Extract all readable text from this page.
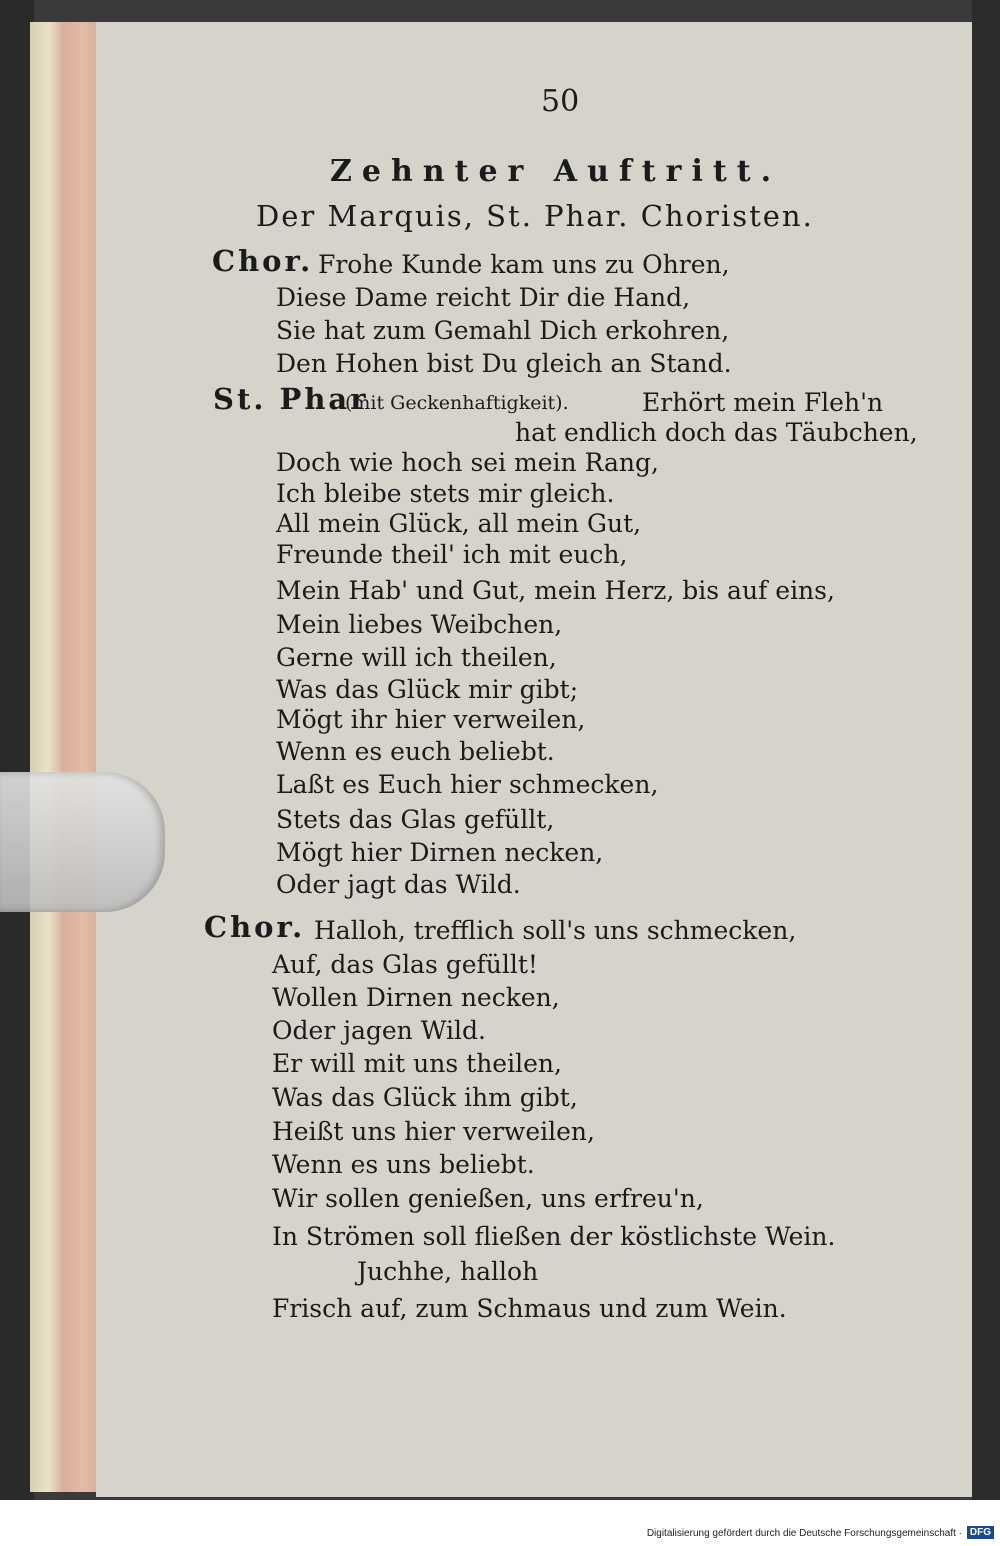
50
Zehnter Auftritt.
Der Marquis, St. Phar. Choristen.
Chor. Frohe Kunde kam uns zu Ohren,
Diese Dame reicht Dir die Hand,
Sie hat zum Gemahl Dich erkohren,
Den Hohen bist Du gleich an Stand.
St. Phar
(mit Geckenhaftigkeit).	Erhört mein Fleh'n
hat endlich doch das Täubchen,
Doch wie hoch sei mein Rang,
Ich bleibe stets mir gleich.
All mein Glück, all mein Gut,
Freunde theil' ich mit euch,
Mein Hab' und Gut, mein Herz, bis auf eins,
Mein liebes Weibchen,
Gerne will ich theilen,
Was das Glück mir gibt;
Mögt ihr hier verweilen,
Wenn es euch beliebt.
Laßt es Euch hier schmecken,
Stets das Glas gefüllt,
Mögt hier Dirnen necken,
Oder jagt das Wild.
Chor. Halloh, trefflich soll's uns schmecken,
Auf, das Glas gefüllt!
Wollen Dirnen necken,
Oder jagen Wild.
Er will mit uns theilen,
Was das Glück ihm gibt,
Heißt uns hier verweilen,
Wenn es uns beliebt.
Wir sollen genießen, uns erfreu'n,
In Strömen soll fließen der köstlichste Wein.
Juchhe, halloh
Frisch auf, zum Schmaus und zum Wein.
Digitalisierung gefördert durch die Deutsche Forschungsgemeinschaft · DFG
